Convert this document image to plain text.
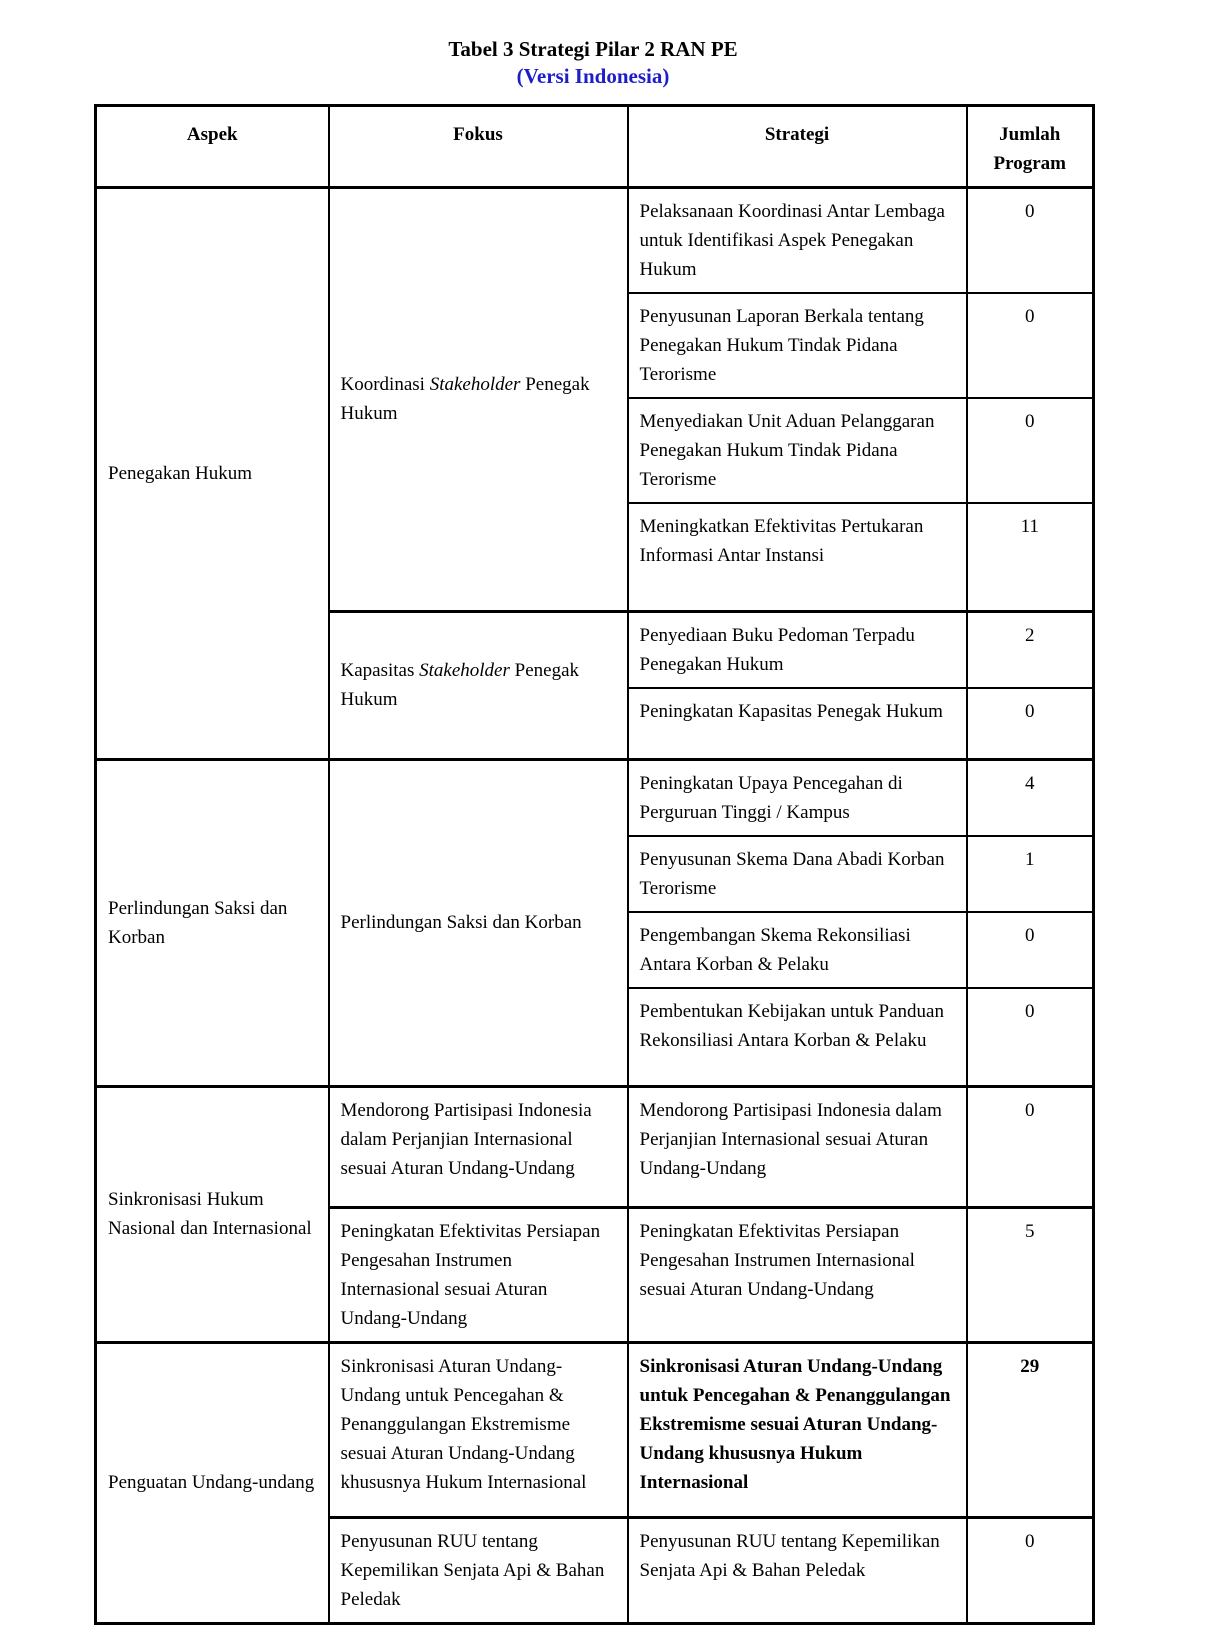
Tabel 3 Strategi Pilar 2 RAN PE
(Versi Indonesia)
Aspek	Fokus	Strategi	Jumlah Program
Penegakan Hukum	Koordinasi Stakeholder Penegak Hukum	Pelaksanaan Koordinasi Antar Lembaga untuk Identifikasi Aspek Penegakan Hukum	0
		Penyusunan Laporan Berkala tentang Penegakan Hukum Tindak Pidana Terorisme	0
		Menyediakan Unit Aduan Pelanggaran Penegakan Hukum Tindak Pidana Terorisme	0
		Meningkatkan Efektivitas Pertukaran Informasi Antar Instansi	11
	Kapasitas Stakeholder Penegak Hukum	Penyediaan Buku Pedoman Terpadu Penegakan Hukum	2
		Peningkatan Kapasitas Penegak Hukum	0
Perlindungan Saksi dan Korban	Perlindungan Saksi dan Korban	Peningkatan Upaya Pencegahan di Perguruan Tinggi / Kampus	4
		Penyusunan Skema Dana Abadi Korban Terorisme	1
		Pengembangan Skema Rekonsiliasi Antara Korban & Pelaku	0
		Pembentukan Kebijakan untuk Panduan Rekonsiliasi Antara Korban & Pelaku	0
Sinkronisasi Hukum Nasional dan Internasional	Mendorong Partisipasi Indonesia dalam Perjanjian Internasional sesuai Aturan Undang-Undang	Mendorong Partisipasi Indonesia dalam Perjanjian Internasional sesuai Aturan Undang-Undang	0
	Peningkatan Efektivitas Persiapan Pengesahan Instrumen Internasional sesuai Aturan Undang-Undang	Peningkatan Efektivitas Persiapan Pengesahan Instrumen Internasional sesuai Aturan Undang-Undang	5
Penguatan Undang-undang	Sinkronisasi Aturan Undang-Undang untuk Pencegahan & Penanggulangan Ekstremisme sesuai Aturan Undang-Undang khususnya Hukum Internasional	Sinkronisasi Aturan Undang-Undang untuk Pencegahan & Penanggulangan Ekstremisme sesuai Aturan Undang-Undang khususnya Hukum Internasional	29
	Penyusunan RUU tentang Kepemilikan Senjata Api & Bahan Peledak	Penyusunan RUU tentang Kepemilikan Senjata Api & Bahan Peledak	0
